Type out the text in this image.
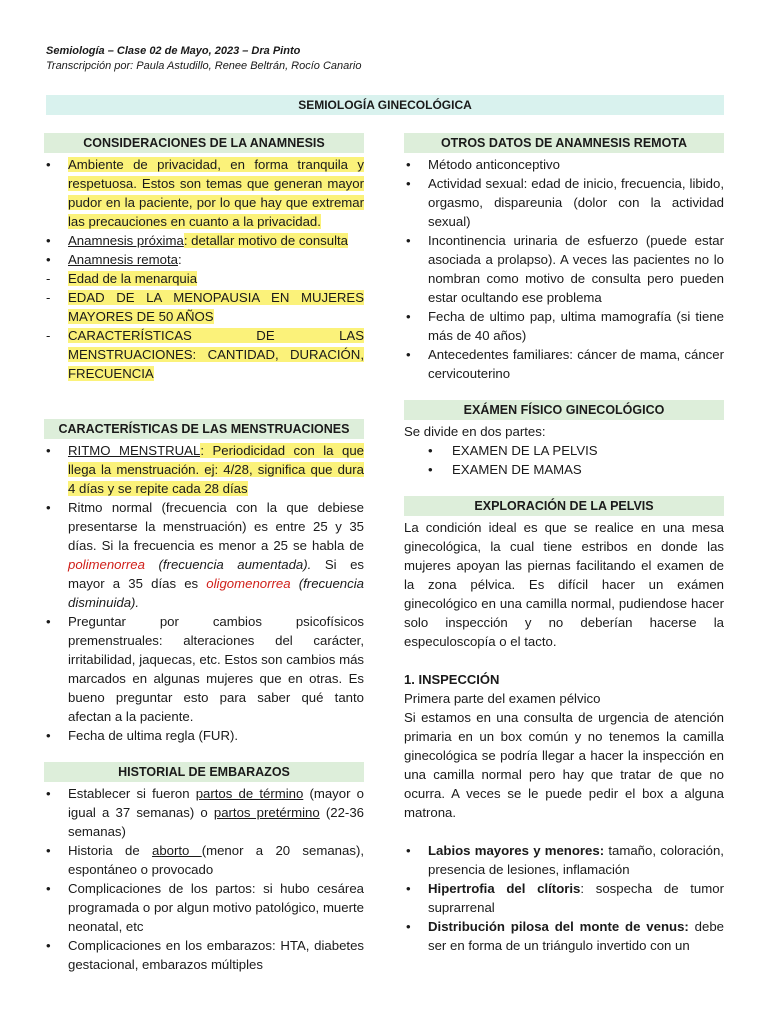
Semiología – Clase 02 de Mayo, 2023 – Dra Pinto
Transcripción por: Paula Astudillo, Renee Beltrán, Rocío Canario
SEMIOLOGÍA GINECOLÓGICA
CONSIDERACIONES DE LA ANAMNESIS
• Ambiente de privacidad, en forma tranquila y respetuosa. Estos son temas que generan mayor pudor en la paciente, por lo que hay que extremar las precauciones en cuanto a la privacidad.
• Anamnesis próxima: detallar motivo de consulta
• Anamnesis remota:
- Edad de la menarquia
- EDAD DE LA MENOPAUSIA EN MUJERES MAYORES DE 50 AÑOS
- CARACTERÍSTICAS DE LAS MENSTRUACIONES: CANTIDAD, DURACIÓN, FRECUENCIA
CARACTERÍSTICAS DE LAS MENSTRUACIONES
• RITMO MENSTRUAL: Periodicidad con la que llega la menstruación. ej: 4/28, significa que dura 4 días y se repite cada 28 días
• Ritmo normal (frecuencia con la que debiese presentarse la menstruación) es entre 25 y 35 días. Si la frecuencia es menor a 25 se habla de polimenorrea (frecuencia aumentada). Si es mayor a 35 días es oligomenorrea (frecuencia disminuida).
• Preguntar por cambios psicofísicos premenstruales: alteraciones del carácter, irritabilidad, jaquecas, etc. Estos son cambios más marcados en algunas mujeres que en otras. Es bueno preguntar esto para saber qué tanto afectan a la paciente.
• Fecha de ultima regla (FUR).
HISTORIAL DE EMBARAZOS
• Establecer si fueron partos de término (mayor o igual a 37 semanas) o partos pretérmino (22-36 semanas)
• Historia de aborto (menor a 20 semanas), espontáneo o provocado
• Complicaciones de los partos: si hubo cesárea programada o por algun motivo patológico, muerte neonatal, etc
• Complicaciones en los embarazos: HTA, diabetes gestacional, embarazos múltiples
OTROS DATOS DE ANAMNESIS REMOTA
• Método anticonceptivo
• Actividad sexual: edad de inicio, frecuencia, libido, orgasmo, dispareunia (dolor con la actividad sexual)
• Incontinencia urinaria de esfuerzo (puede estar asociada a prolapso). A veces las pacientes no lo nombran como motivo de consulta pero pueden estar ocultando ese problema
• Fecha de ultimo pap, ultima mamografía (si tiene más de 40 años)
• Antecedentes familiares: cáncer de mama, cáncer cervicouterino
EXÁMEN FÍSICO GINECOLÓGICO

Se divide en dos partes:

• EXAMEN DE LA PELVIS
• EXAMEN DE MAMAS
EXPLORACIÓN DE LA PELVIS

La condición ideal es que se realice en una mesa ginecológica, la cual tiene estribos en donde las mujeres apoyan las piernas facilitando el examen de la zona pélvica. Es difícil hacer un exámen ginecológico en una camilla normal, pudiendose hacer solo inspección y no deberían hacerse la especuloscopía o el tacto.

1. INSPECCIÓN

Primera parte del examen pélvico

Si estamos en una consulta de urgencia de atención primaria en un box común y no tenemos la camilla ginecológica se podría llegar a hacer la inspección en una camilla normal pero hay que tratar de que no ocurra. A veces se le puede pedir el box a alguna matrona.

• Labios mayores y menores: tamaño, coloración, presencia de lesiones, inflamación
• Hipertrofia del clítoris: sospecha de tumor suprarrenal
• Distribución pilosa del monte de venus: debe ser en forma de un triángulo invertido con un
